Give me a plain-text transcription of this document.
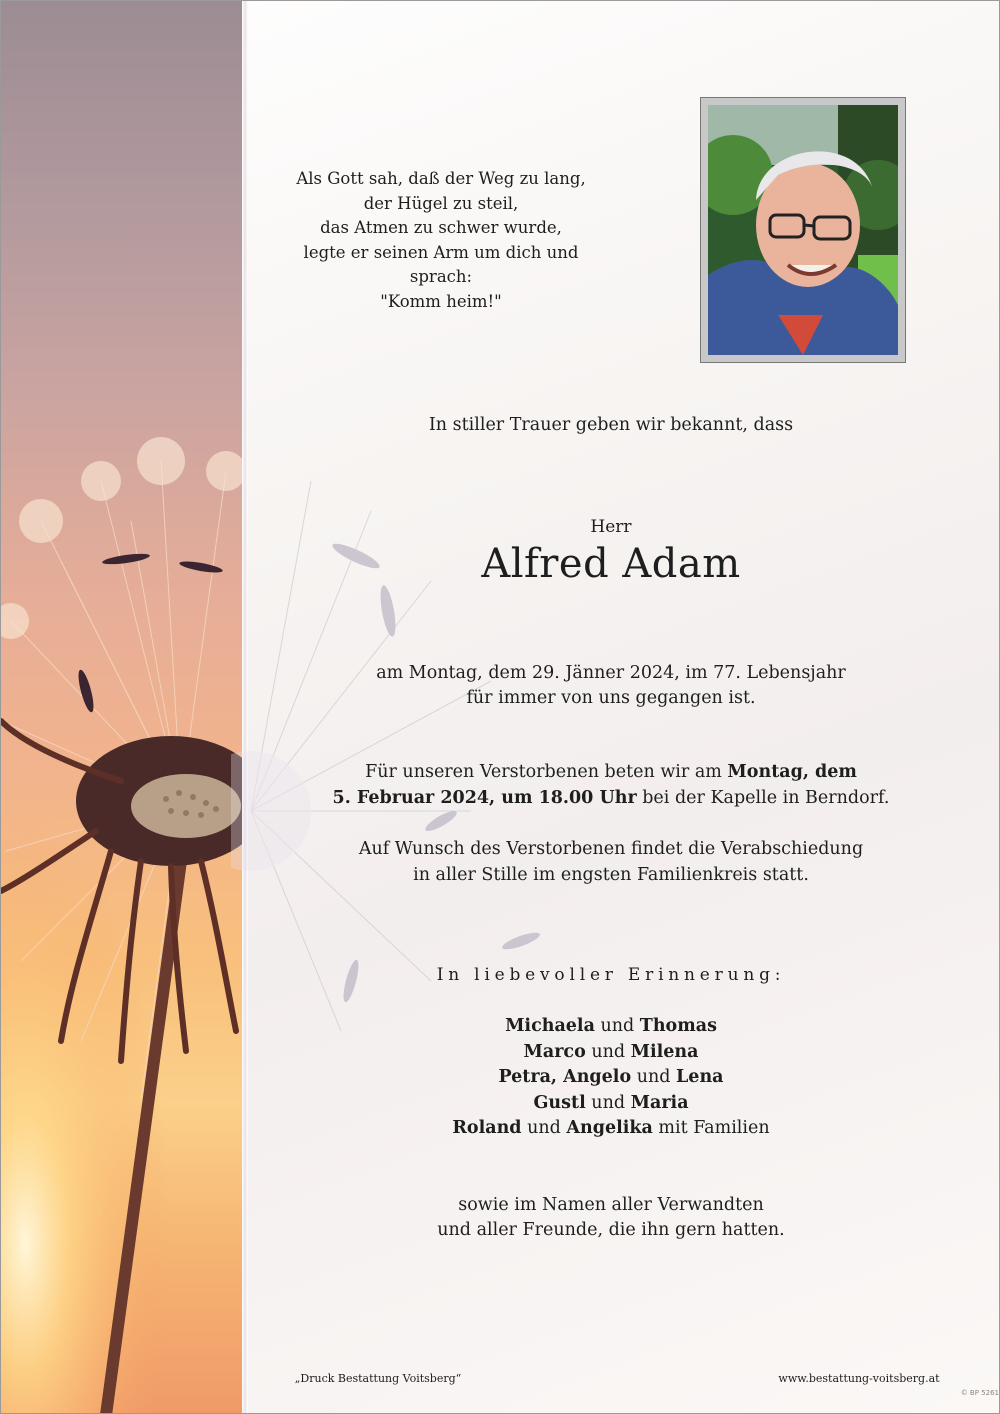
Als Gott sah, daß der Weg zu lang,
der Hügel zu steil,
das Atmen zu schwer wurde,
legte er seinen Arm um dich und sprach:
"Komm heim!"
In stiller Trauer geben wir bekannt, dass
Herr
Alfred Adam
am Montag, dem 29. Jänner 2024, im 77. Lebensjahr
für immer von uns gegangen ist.
Für unseren Verstorbenen beten wir am Montag, dem
5. Februar 2024, um 18.00 Uhr bei der Kapelle in Berndorf.
Auf Wunsch des Verstorbenen findet die Verabschiedung
in aller Stille im engsten Familienkreis statt.
In liebevoller Erinnerung:
Michaela und Thomas
Marco und Milena
Petra, Angelo und Lena
Gustl und Maria
Roland und Angelika mit Familien
sowie im Namen aller Verwandten
und aller Freunde, die ihn gern hatten.
„Druck Bestattung Voitsberg“	www.bestattung-voitsberg.at
© BP 5261
